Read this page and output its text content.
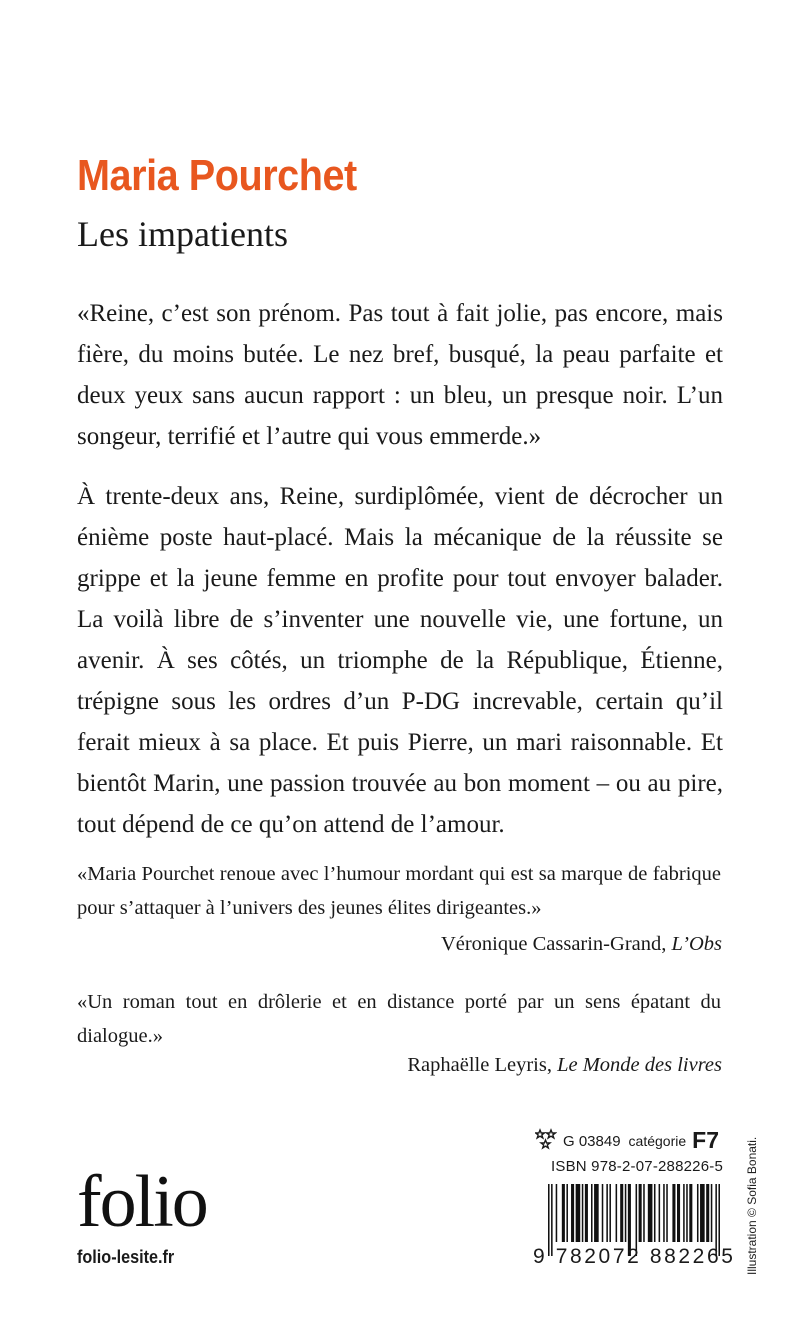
Maria Pourchet
Les impatients

«Reine, c’est son prénom. Pas tout à fait jolie, pas encore, mais fière, du moins butée. Le nez bref, busqué, la peau parfaite et deux yeux sans aucun rapport : un bleu, un presque noir. L’un songeur, terrifié et l’autre qui vous emmerde.»

À trente-deux ans, Reine, surdiplômée, vient de décrocher un énième poste haut-placé. Mais la mécanique de la réussite se grippe et la jeune femme en profite pour tout envoyer balader. La voilà libre de s’inventer une nouvelle vie, une fortune, un avenir. À ses côtés, un triomphe de la République, Étienne, trépigne sous les ordres d’un P-DG increvable, certain qu’il ferait mieux à sa place. Et puis Pierre, un mari raisonnable. Et bientôt Marin, une passion trouvée au bon moment – ou au pire, tout dépend de ce qu’on attend de l’amour.

«Maria Pourchet renoue avec l’humour mordant qui est sa marque de fabrique pour s’attaquer à l’univers des jeunes élites dirigeantes.»

Véronique Cassarin-Grand, L’Obs

«Un roman tout en drôlerie et en distance porté par un sens épatant du dialogue.»

Raphaëlle Leyris, Le Monde des livres

G 03849 catégorie F7
ISBN 978-2-07-288226-5
9 782072 882265
folio
folio-lesite.fr	Illustration © Sofia Bonati.
